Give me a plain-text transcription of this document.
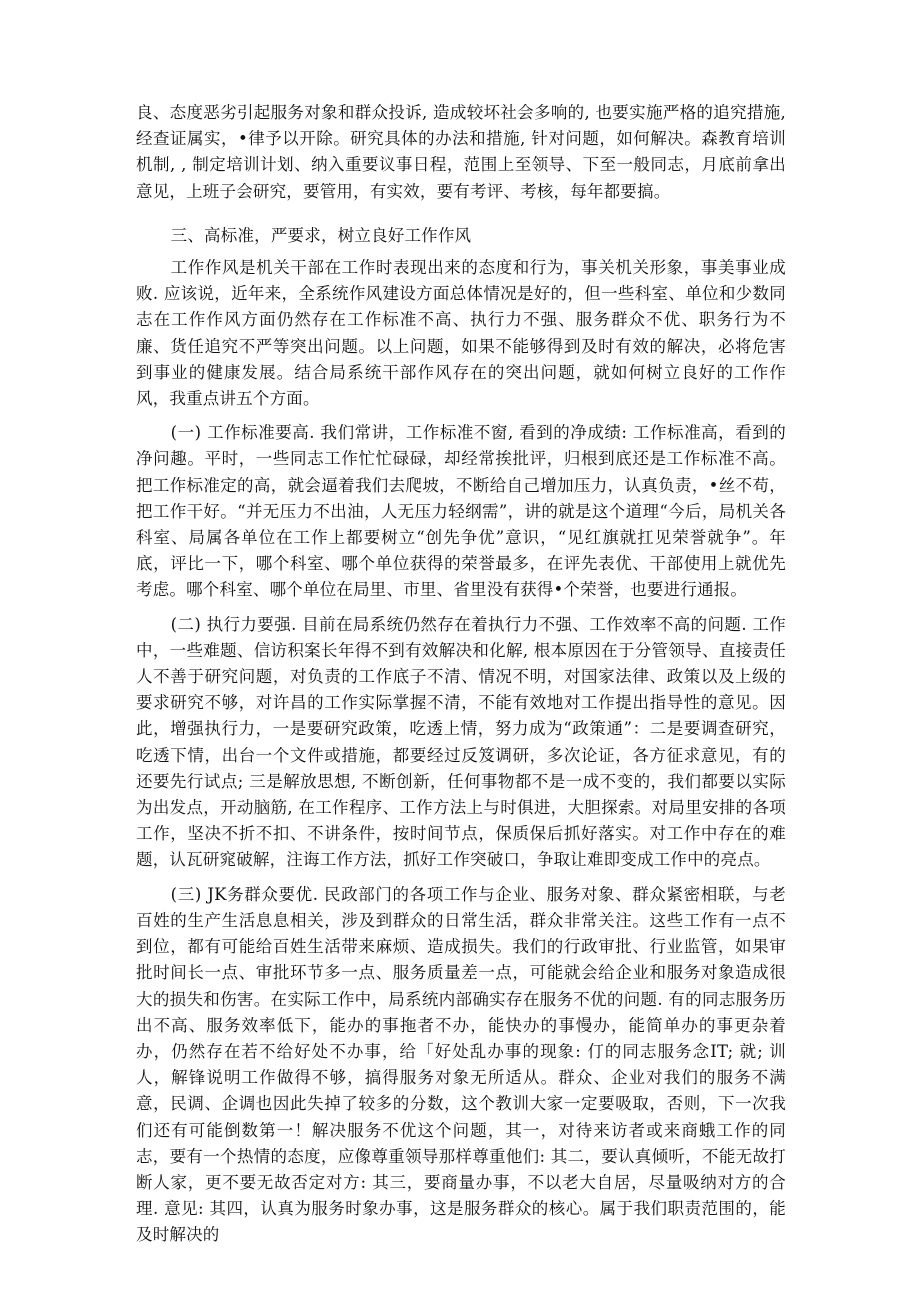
良、态度恶劣引起服务对象和群众投诉, 造成较坏社会多响的, 也要实施严格的追究措施, 经查证属实，•律予以开除。研究具体的办法和措施, 针对问题，如何解决。森教育培训机制, , 制定培训计划、纳入重要议事日程，范围上至领导、下至一般同志，月底前拿出意见，上班子会研究，要管用，有实效，要有考评、考核，每年都要搞。

三、高标准，严要求，树立良好工作作风

工作作风是机关干部在工作时表现出来的态度和行为，事关机关形象，事美事业成败. 应该说，近年来，全系统作风建设方面总体情况是好的，但一些科室、单位和少数同志在工作作风方面仍然存在工作标准不高、执行力不强、服务群众不优、职务行为不廉、货任追究不严等突出问题。以上问题，如果不能够得到及时有效的解决，必将危害到事业的健康发展。结合局系统干部作风存在的突出问题，就如何树立良好的工作作风，我重点讲五个方面。

(一) 工作标准要高. 我们常讲，工作标准不窗, 看到的净成绩: 工作标准高，看到的净问趣。平时，一些同志工作忙忙碌碌，却经常挨批评，归根到底还是工作标准不高。把工作标准定的高，就会逼着我们去爬坡，不断给自己增加压力，认真负责，•丝不苟，把工作干好。“并无压力不出油，人无压力轻纲需”，讲的就是这个道理“今后，局机关各科室、局属各单位在工作上都要树立“创先争优”意识，“见红旗就扛见荣誉就争”。年底，评比一下，哪个科室、哪个单位获得的荣誉最多，在评先表优、干部使用上就优先考虑。哪个科室、哪个单位在局里、市里、省里没有获得•个荣誉，也要进行通报。

(二) 执行力要强. 目前在局系统仍然存在着执行力不强、工作效率不高的问题. 工作中，一些难题、信访积案长年得不到有效解决和化解, 根本原因在于分管领导、直接责任人不善于研究问题，对负责的工作底子不清、情况不明，对国家法律、政策以及上级的要求研究不够，对许昌的工作实际掌握不清，不能有效地对工作提出指导性的意见。因此，增强执行力，一是要研究政策，吃透上情，努力成为“政策通”：二是要调查研究，吃透下情，出台一个文件或措施，都要经过反笈调研，多次论证，各方征求意见，有的还要先行试点; 三是解放思想, 不断创新，任何事物都不是一成不变的，我们都要以实际为出发点，开动脑筋, 在工作程序、工作方法上与时俱进，大胆探索。对局里安排的各项工作，坚决不折不扣、不讲条件，按时间节点，保质保后抓好落实。对工作中存在的难题，认瓦研窕破解，注诲工作方法，抓好工作突破口，争取让难即变成工作中的亮点。

(三) JK务群众要优. 民政部门的各项工作与企业、服务对象、群众紧密相联，与老百姓的生产生活息息相关，涉及到群众的日常生活，群众非常关注。这些工作有一点不到位，都有可能给百姓生活带来麻烦、造成损失。我们的行政审批、行业监管，如果审批时间长一点、审批环节多一点、服务质量差一点，可能就会给企业和服务对象造成很大的损失和伤害。在实际工作中，局系统内部确实存在服务不优的问题. 有的同志服务历出不高、服务效率低下，能办的事拖者不办，能快办的事慢办，能简单办的事更杂着办，仍然存在若不给好处不办事，给「好处乱办事的现象: 仃的同志服务念IT; 就; 训人，解锋说明工作做得不够，搞得服务对象无所适从。群众、企业对我们的服务不满意，民调、企调也因此失掉了较多的分数，这个教训大家一定要吸取，否则，下一次我们还有可能倒数第一！解决服务不优这个问题，其一，对待来访者或来商蛾工作的同志，要有一个热情的态度，应像尊重领导那样尊重他们: 其二，要认真倾听，不能无故打断人家，更不要无故否定对方: 其三，要商量办事，不以老大自居，尽量吸纳对方的合理. 意见: 其四，认真为服务时象办事，这是服务群众的核心。属于我们职责范围的，能及时解决的
